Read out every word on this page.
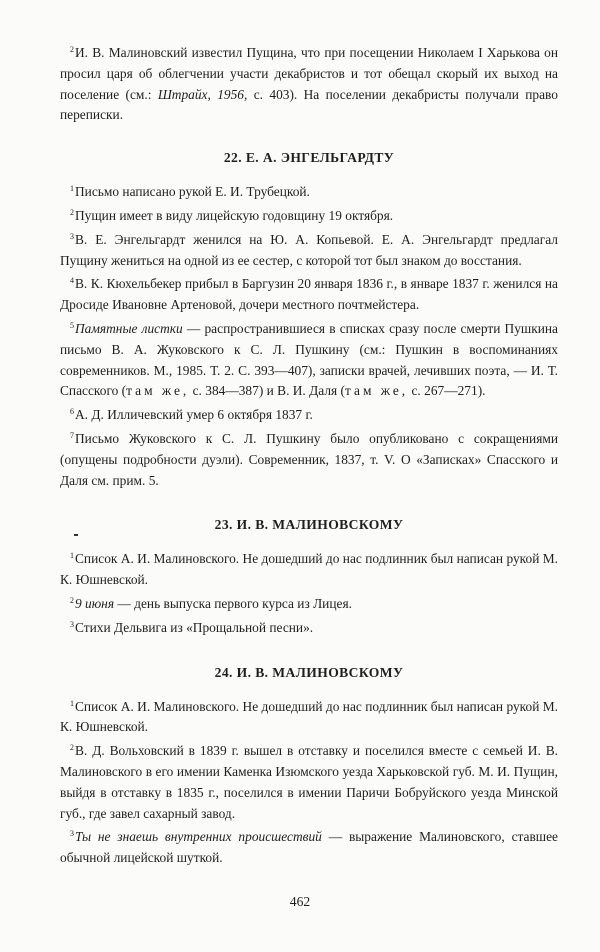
$^2$И. В. Малиновский известил Пущина, что при посещении Николаем I Харькова он просил царя об облегчении участи декабристов и тот обещал скорый их выход на поселение (см.: Штрайх, 1956, с. 403). На поселении декабристы получали право переписки.

22. Е. А. ЭНГЕЛЬГАРДТУ

$^1$Письмо написано рукой Е. И. Трубецкой.

$^2$Пущин имеет в виду лицейскую годовщину 19 октября.

$^3$В. Е. Энгельгардт женился на Ю. А. Копьевой. Е. А. Энгельгардт предлагал Пущину жениться на одной из ее сестер, с которой тот был знаком до восстания.

$^4$В. К. Кюхельбекер прибыл в Баргузин 20 января 1836 г., в январе 1837 г. женился на Дросиде Ивановне Артеновой, дочери местного почтмейстера.

$^5$Памятные листки — распространившиеся в списках сразу после смерти Пушкина письмо В. А. Жуковского к С. Л. Пушкину (см.: Пушкин в воспоминаниях современников. М., 1985. Т. 2. С. 393—407), записки врачей, лечивших поэта, — И. Т. Спасского (там же, с. 384—387) и В. И. Даля (там же, с. 267—271).

$^6$А. Д. Илличевский умер 6 октября 1837 г.

$^7$Письмо Жуковского к С. Л. Пушкину было опубликовано с сокращениями (опущены подробности дуэли). Современник, 1837, т. V. О «Записках» Спасского и Даля см. прим. 5.

23. И. В. МАЛИНОВСКОМУ

$^1$Список А. И. Малиновского. Не дошедший до нас подлинник был написан рукой М. К. Юшневской.

$^2$9 июня — день выпуска первого курса из Лицея.

$^3$Стихи Дельвига из «Прощальной песни».

24. И. В. МАЛИНОВСКОМУ

$^1$Список А. И. Малиновского. Не дошедший до нас подлинник был написан рукой М. К. Юшневской.

$^2$В. Д. Вольховский в 1839 г. вышел в отставку и поселился вместе с семьей И. В. Малиновского в его имении Каменка Изюмского уезда Харьковской губ. М. И. Пущин, выйдя в отставку в 1835 г., поселился в имении Паричи Бобруйского уезда Минской губ., где завел сахарный завод.

$^3$Ты не знаешь внутренних происшествий — выражение Малиновского, ставшее обычной лицейской шуткой.

462
